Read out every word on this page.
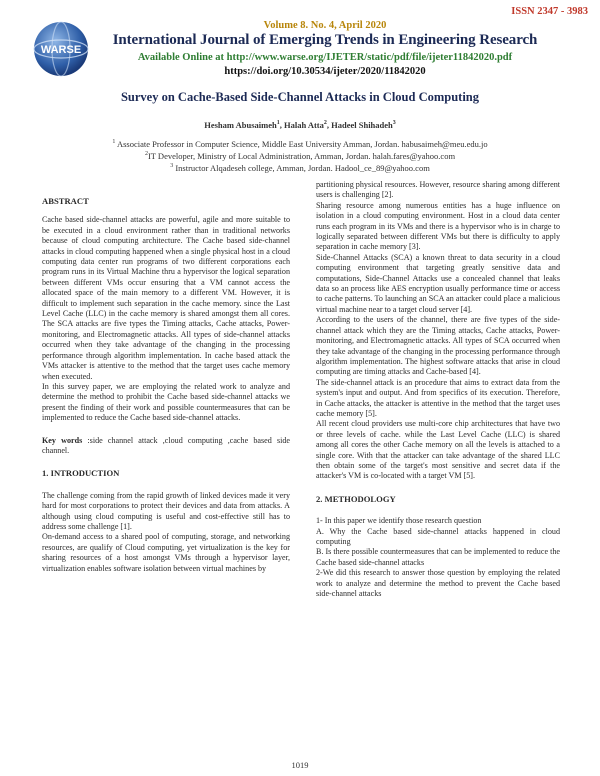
ISSN 2347 - 3983
WARSE
Volume 8. No. 4, April 2020
International Journal of Emerging Trends in Engineering Research
Available Online at http://www.warse.org/IJETER/static/pdf/file/ijeter11842020.pdf
https://doi.org/10.30534/ijeter/2020/11842020
Survey on Cache-Based Side-Channel Attacks in Cloud Computing
Hesham Abusaimeh$^1$, Halah Atta$^2$, Hadeel Shihadeh$^3$
$^1$ Associate Professor in Computer Science, Middle East University Amman, Jordan. habusaimeh@meu.edu.jo
$^2$IT Developer, Ministry of Local Administration, Amman, Jordan. halah.fares@yahoo.com
$^3$ Instructor Alqadeseh college, Amman, Jordan. Hadool_ce_89@yahoo.com

ABSTRACT

Cache based side-channel attacks are powerful, agile and more suitable to be executed in a cloud environment rather than in traditional networks because of cloud computing architecture. The Cache based side-channel attacks in cloud computing happened when a single physical host in a cloud computing data center run programs of two different corporations each program runs in its Virtual Machine thru a hypervisor the logical separation between different VMs occur ensuring that a VM cannot access the allocated space of the main memory to a different VM. However, it is difficult to implement such separation in the cache memory. since the Last Level Cache (LLC) in the cache memory is shared amongst them all cores. The SCA attacks are five types the Timing attacks, Cache attacks, Power-monitoring, and Electromagnetic attacks. All types of side-channel attacks occurred when they take advantage of the changing in the processing performance through algorithm implementation. In cache based attack the VMs attacker is attentive to the method that the target uses cache memory when executed.

In this survey paper, we are employing the related work to analyze and determine the method to prohibit the Cache based side-channel attacks we present the finding of their work and possible countermeasures that can be implemented to reduce the Cache based side-channel attacks.

Key words :side channel attack ,cloud computing ,cache based side channel.

1. INTRODUCTION

The challenge coming from the rapid growth of linked devices made it very hard for most corporations to protect their devices and data from attacks. A although using cloud computing is useful and cost-effective still has to address some challenge [1].

On-demand access to a shared pool of computing, storage, and networking resources, are qualify of Cloud computing, yet virtualization is the key for sharing resources of a host amongst VMs through a hypervisor layer, virtualization enables software isolation between virtual machines by

partitioning physical resources. However, resource sharing among different users is challenging [2].

Sharing resource among numerous entities has a huge influence on isolation in a cloud computing environment. Host in a cloud data center runs each program in its VMs and there is a hypervisor who is in charge to logically separated between different VMs but there is difficulty to apply separation in cache memory [3].

Side-Channel Attacks (SCA) a known threat to data security in a cloud computing environment that targeting greatly sensitive data and computations, Side-Channel Attacks use a concealed channel that leaks data so an process like AES encryption usually performance time or access to cache patterns. To launching an SCA an attacker could place a malicious virtual machine near to a target cloud server [4].

According to the users of the channel, there are five types of the side-channel attack which they are the Timing attacks, Cache attacks, Power-monitoring, and Electromagnetic attacks. All types of SCA occurred when they take advantage of the changing in the processing performance through algorithm implementation. The highest software attacks that arise in cloud computing are timing attacks and Cache-based [4].

The side-channel attack is an procedure that aims to extract data from the system's input and output. And from specifics of its execution. Therefore, in Cache attacks, the attacker is attentive in the method that the target uses cache memory [5].

All recent cloud providers use multi-core chip architectures that have two or three levels of cache. while the Last Level Cache (LLC) is shared among all cores the other Cache memory on all the levels is attached to a single core. With that the attacker can take advantage of the shared LLC then obtain some of the target's most sensitive and secret data if the attacker's VM is co-located with a target VM [5].

2. METHODOLOGY

1- In this paper we identify those research question

A. Why the Cache based side-channel attacks happened in cloud computing

B. Is there possible countermeasures that can be implemented to reduce the Cache based side-channel attacks

2-We did this research to answer those question by employing the related work to analyze and determine the method to prevent the Cache based side-channel attacks

1019
